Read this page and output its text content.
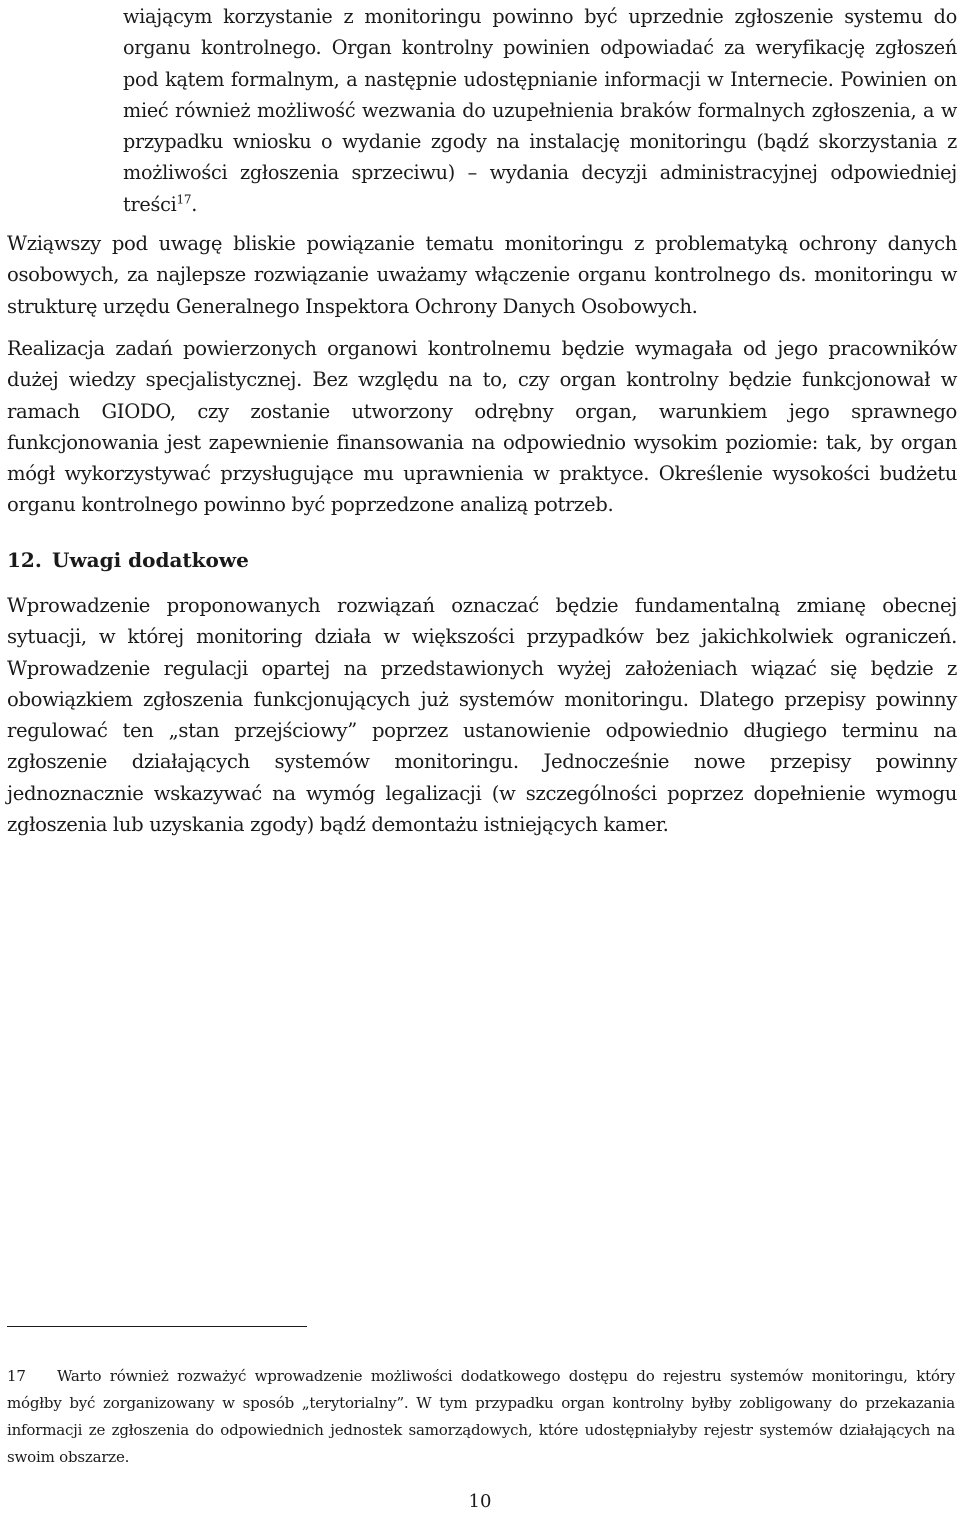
wiającym korzystanie z monitoringu powinno być uprzednie zgłoszenie systemu do organu kontrolnego. Organ kontrolny powinien odpowiadać za weryfikację zgłoszeń pod kątem formalnym, a następnie udostępnianie informacji w Internecie. Powinien on mieć również możliwość wezwania do uzupełnienia braków formalnych zgłoszenia, a w przypadku wniosku o wydanie zgody na instalację monitoringu (bądź skorzystania z możliwości zgłoszenia sprzeciwu) – wydania decyzji administracyjnej odpowiedniej treści$^{17}$.

Wziąwszy pod uwagę bliskie powiązanie tematu monitoringu z problematyką ochrony danych osobowych, za najlepsze rozwiązanie uważamy włączenie organu kontrolnego ds. monitoringu w strukturę urzędu Generalnego Inspektora Ochrony Danych Osobowych.

Realizacja zadań powierzonych organowi kontrolnemu będzie wymagała od jego pracowników dużej wiedzy specjalistycznej. Bez względu na to, czy organ kontrolny będzie funkcjonował w ramach GIODO, czy zostanie utworzony odrębny organ, warunkiem jego sprawnego funkcjonowania jest zapewnienie finansowania na odpowiednio wysokim poziomie: tak, by organ mógł wykorzystywać przysługujące mu uprawnienia w praktyce. Określenie wysokości budżetu organu kontrolnego powinno być poprzedzone analizą potrzeb.

12. Uwagi dodatkowe

Wprowadzenie proponowanych rozwiązań oznaczać będzie fundamentalną zmianę obecnej sytuacji, w której monitoring działa w większości przypadków bez jakichkolwiek ograniczeń. Wprowadzenie regulacji opartej na przedstawionych wyżej założeniach wiązać się będzie z obowiązkiem zgłoszenia funkcjonujących już systemów monitoringu. Dlatego przepisy powinny regulować ten „stan przejściowy” poprzez ustanowienie odpowiednio długiego terminu na zgłoszenie działających systemów monitoringu. Jednocześnie nowe przepisy powinny jednoznacznie wskazywać na wymóg legalizacji (w szczególności poprzez dopełnienie wymogu zgłoszenia lub uzyskania zgody) bądź demontażu istniejących kamer.

17 Warto również rozważyć wprowadzenie możliwości dodatkowego dostępu do rejestru systemów monitoringu, który mógłby być zorganizowany w sposób „terytorialny”. W tym przypadku organ kontrolny byłby zobligowany do przekazania informacji ze zgłoszenia do odpowiednich jednostek samorządowych, które udostępniałyby rejestr systemów działających na swoim obszarze.

10
